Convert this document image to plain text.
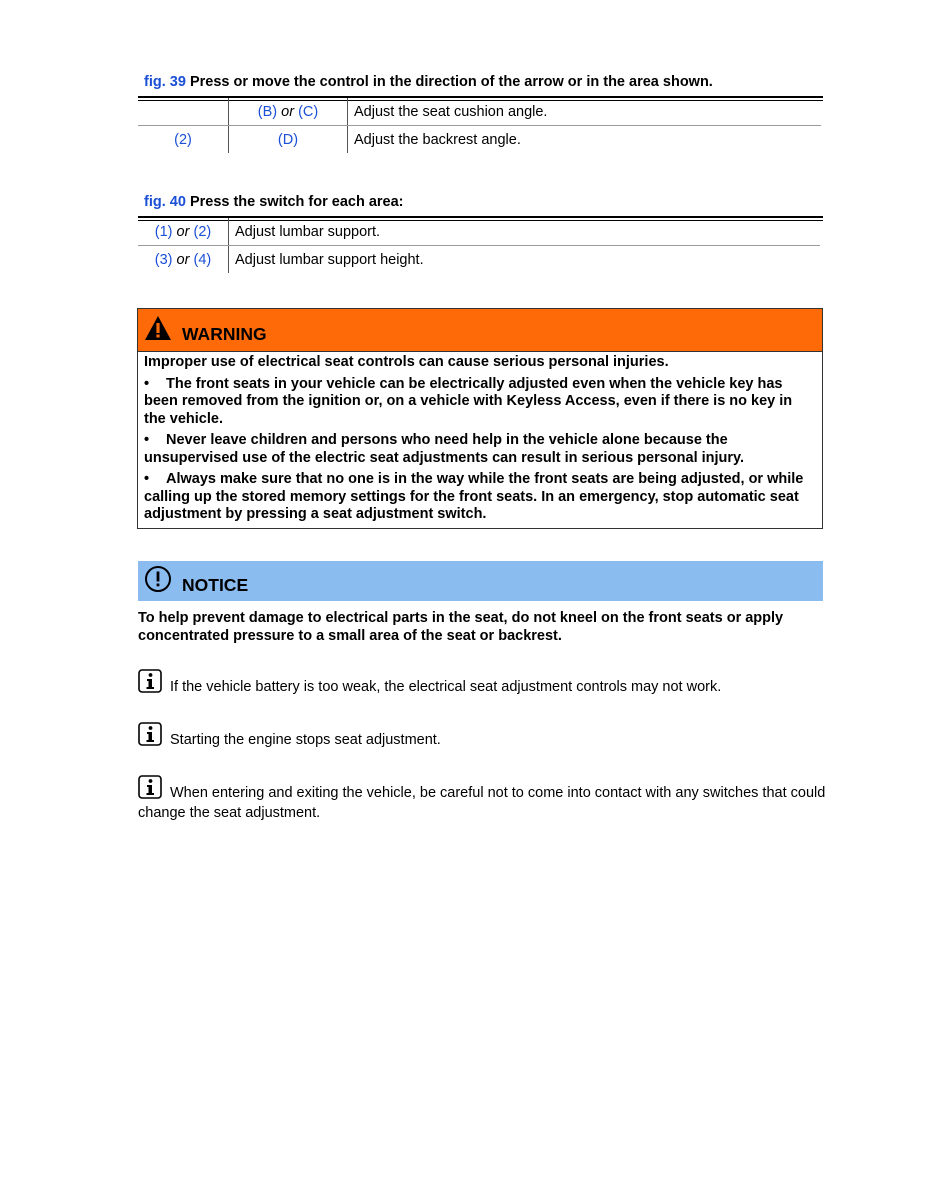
fig. 39 Press or move the control in the direction of the arrow or in the area shown.
	(B) or (C)	Adjust the seat cushion angle.
(2)	(D)	Adjust the backrest angle.
fig. 40 Press the switch for each area:
(1) or (2)	Adjust lumbar support.
(3) or (4)	Adjust lumbar support height.
WARNING

Improper use of electrical seat controls can cause serious personal injuries.

• The front seats in your vehicle can be electrically adjusted even when the vehicle key has been removed from the ignition or, on a vehicle with Keyless Access, even if there is no key in the vehicle.

• Never leave children and persons who need help in the vehicle alone because the unsupervised use of the electric seat adjustments can result in serious personal injury.

• Always make sure that no one is in the way while the front seats are being adjusted, or while calling up the stored memory settings for the front seats. In an emergency, stop automatic seat adjustment by pressing a seat adjustment switch.

NOTICE
To help prevent damage to electrical parts in the seat, do not kneel on the front seats or apply concentrated pressure to a small area of the seat or backrest.
If the vehicle battery is too weak, the electrical seat adjustment controls may not work.
Starting the engine stops seat adjustment.
When entering and exiting the vehicle, be careful not to come into contact with any switches that could change the seat adjustment.
